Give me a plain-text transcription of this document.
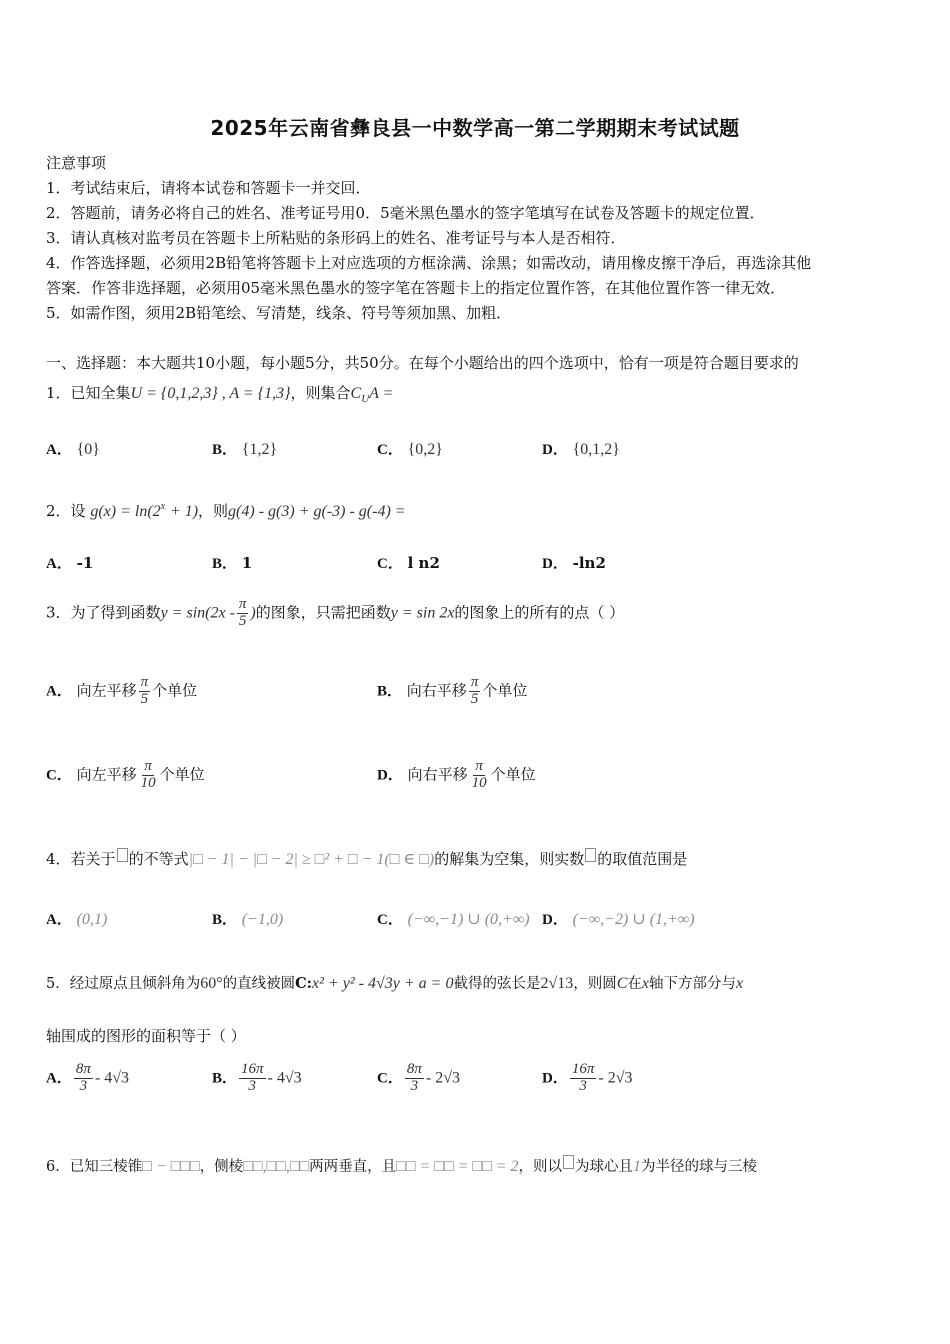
2025年云南省彝良县一中数学高一第二学期期末考试试题
注意事项
1．考试结束后，请将本试卷和答题卡一并交回．
2．答题前，请务必将自己的姓名、准考证号用0．5毫米黑色墨水的签字笔填写在试卷及答题卡的规定位置．
3．请认真核对监考员在答题卡上所粘贴的条形码上的姓名、准考证号与本人是否相符．
4．作答选择题，必须用2B铅笔将答题卡上对应选项的方框涂满、涂黑；如需改动，请用橡皮擦干净后，再选涂其他
答案．作答非选择题，必须用05毫米黑色墨水的签字笔在答题卡上的指定位置作答，在其他位置作答一律无效．
5．如需作图，须用2B铅笔绘、写清楚，线条、符号等须加黑、加粗．
一、选择题：本大题共10小题，每小题5分，共50分。在每个小题给出的四个选项中，恰有一项是符合题目要求的
1．已知全集U = {0,1,2,3} , A = {1,3}，则集合$C_UA$ =
A． {0}	B． {1,2}	C． {0,2}	D． {0,1,2}
2．设 $g(x) = \ln(2^x + 1)$，则g(4) - g(3) + g(-3) - g(-4) =
A． -1	B． 1	C． l n2	D． -ln2
3．为了得到函数$y = \sin(2x - \frac{\pi}{5}$ )的图象，只需把函数y = sin 2x的图象上的所有的点（ ）
A． 向左平移 $\frac{\pi}{5}$ 个单位	B． 向右平移 $\frac{\pi}{5}$ 个单位
C． 向左平移 $\frac{\pi}{10}$ 个单位	D． 向右平移 $\frac{\pi}{10}$ 个单位
4．若关于 的不等式|□ − 1| − |□ − 2| ≥ □² + □ − 1(□ ∈ □)的解集为空集，则实数 的取值范围是
A． (0,1)	B． (−1,0)	C． (−∞,−1) ∪ (0,+∞) D． (−∞,−2) ∪ (1,+∞)
5．经过原点且倾斜角为60°的直线被圆C:x² + y² - 4√3y + a = 0截得的弦长是2√13，则圆C在x轴下方部分与x
轴围成的图形的面积等于（ ）
A． $\frac{8\pi}{3} - 4√3$	B． $\frac{16\pi}{3} - 4√3$	C． $\frac{8\pi}{3} - 2√3$	D． $\frac{16\pi}{3} - 2√3$
6．已知三棱锥□ − □□□，侧棱□□,□□,□□两两垂直，且□□ = □□ = □□ = 2，则以 为球心且1为半径的球与三棱
